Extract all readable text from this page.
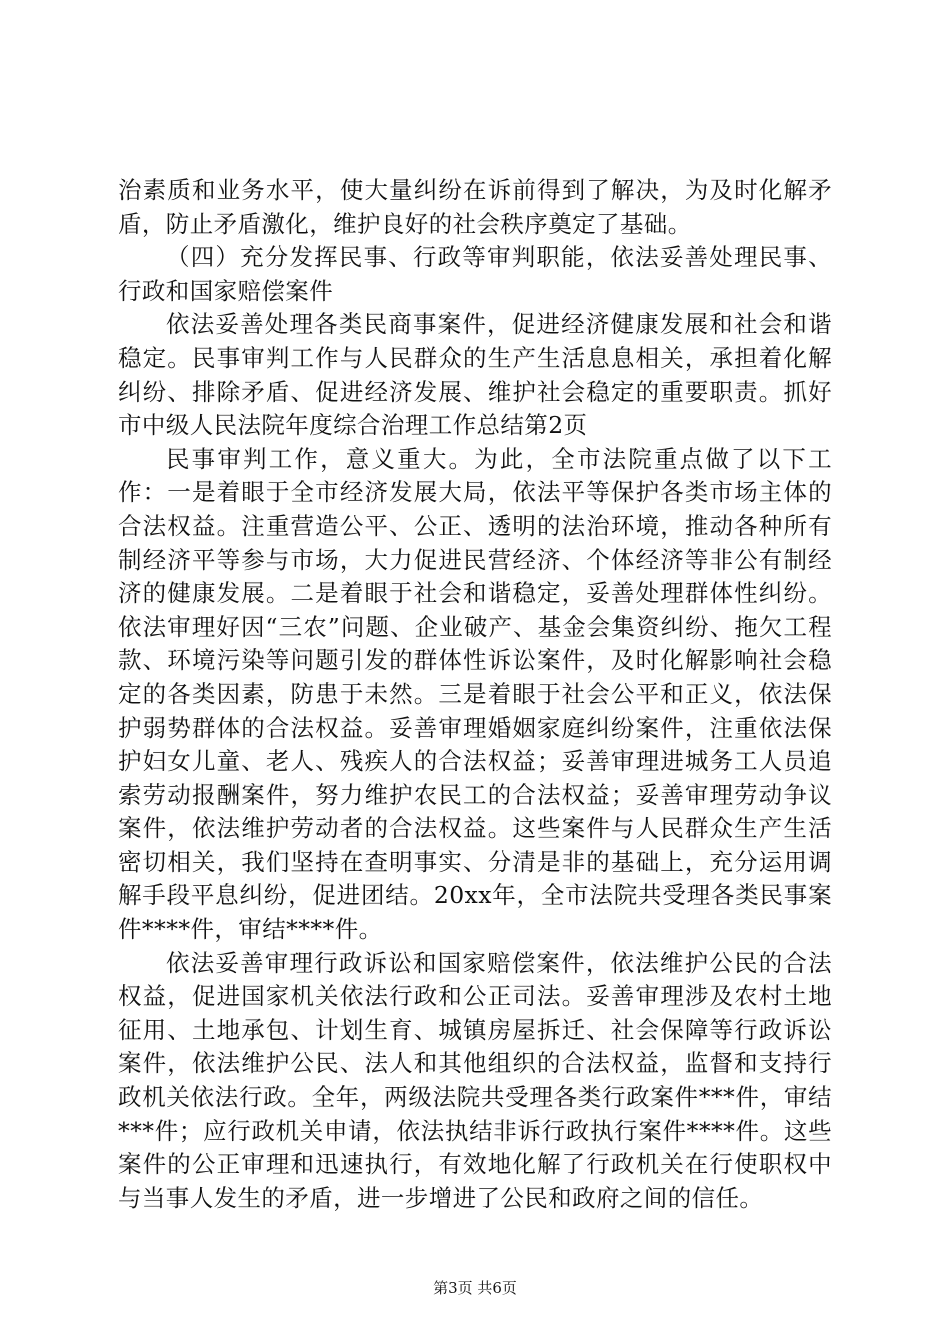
治素质和业务水平，使大量纠纷在诉前得到了解决，为及时化解矛盾，防止矛盾激化，维护良好的社会秩序奠定了基础。

（四）充分发挥民事、行政等审判职能，依法妥善处理民事、行政和国家赔偿案件

依法妥善处理各类民商事案件，促进经济健康发展和社会和谐稳定。民事审判工作与人民群众的生产生活息息相关，承担着化解纠纷、排除矛盾、促进经济发展、维护社会稳定的重要职责。抓好市中级人民法院年度综合治理工作总结第2页

民事审判工作，意义重大。为此，全市法院重点做了以下工作：一是着眼于全市经济发展大局，依法平等保护各类市场主体的合法权益。注重营造公平、公正、透明的法治环境，推动各种所有制经济平等参与市场，大力促进民营经济、个体经济等非公有制经济的健康发展。二是着眼于社会和谐稳定，妥善处理群体性纠纷。依法审理好因“三农”问题、企业破产、基金会集资纠纷、拖欠工程款、环境污染等问题引发的群体性诉讼案件，及时化解影响社会稳定的各类因素，防患于未然。三是着眼于社会公平和正义，依法保护弱势群体的合法权益。妥善审理婚姻家庭纠纷案件，注重依法保护妇女儿童、老人、残疾人的合法权益；妥善审理进城务工人员追索劳动报酬案件，努力维护农民工的合法权益；妥善审理劳动争议案件，依法维护劳动者的合法权益。这些案件与人民群众生产生活密切相关，我们坚持在查明事实、分清是非的基础上，充分运用调解手段平息纠纷，促进团结。20xx年，全市法院共受理各类民事案件****件，审结****件。

依法妥善审理行政诉讼和国家赔偿案件，依法维护公民的合法权益，促进国家机关依法行政和公正司法。妥善审理涉及农村土地征用、土地承包、计划生育、城镇房屋拆迁、社会保障等行政诉讼案件，依法维护公民、法人和其他组织的合法权益，监督和支持行政机关依法行政。全年，两级法院共受理各类行政案件***件，审结***件；应行政机关申请，依法执结非诉行政执行案件****件。这些案件的公正审理和迅速执行，有效地化解了行政机关在行使职权中与当事人发生的矛盾，进一步增进了公民和政府之间的信任。

第3页 共6页
